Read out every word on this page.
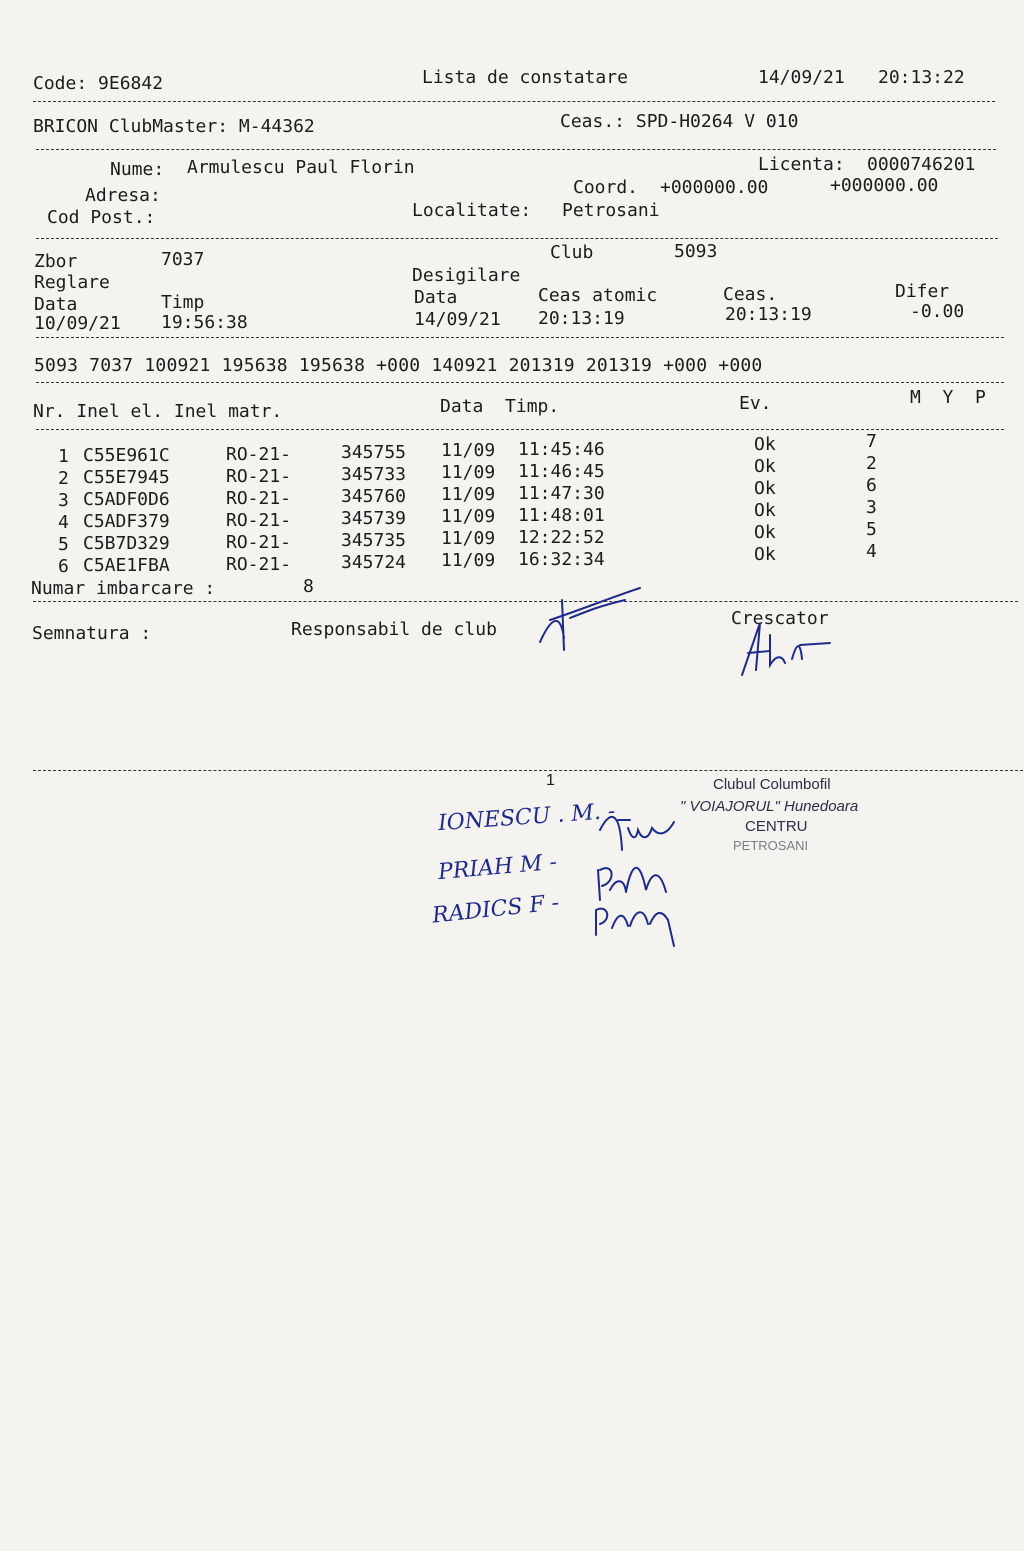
Code: 9E6842	Lista de constatare	14/09/21 20:13:22
BRICON ClubMaster: M-44362	Ceas.: SPD-H0264 V 010
Nume: Armulescu Paul Florin	Licenta: 0000746201
Adresa:	Coord. +000000.00	+000000.00
Cod Post.:	Localitate: Petrosani
Zbor	7037	Club	5093
Reglare	Desigilare
Data	Timp	Data	Ceas atomic	Ceas.	Difer
10/09/21 19:56:38	14/09/21 20:13:19	20:13:19	-0.00
5093 7037 100921 195638 195638 +000 140921 201319 201319 +000 +000
Nr. Inel el. Inel matr.	Data  Timp.	Ev.	M  Y  P
1 C55E961C	RO-21-	345755 11/09 11:45:46	Ok	7
2 C55E7945	RO-21-	345733 11/09 11:46:45	Ok	2
3 C5ADF0D6	RO-21-	345760 11/09 11:47:30	Ok	6
4 C5ADF379	RO-21-	345739 11/09 11:48:01	Ok	3
5 C5B7D329	RO-21-	345735 11/09 12:22:52	Ok	5
6 C5AE1FBA	RO-21-	345724 11/09 16:32:34	Ok	4
Numar imbarcare :	8
Semnatura :	Responsabil de club
Crescator
1	Clubul Columbofil
" VOIAJORUL" Hunedoara
CENTRU
PETROSANI
IONESCU . M. -
PRIAH M -
RADICS F -
